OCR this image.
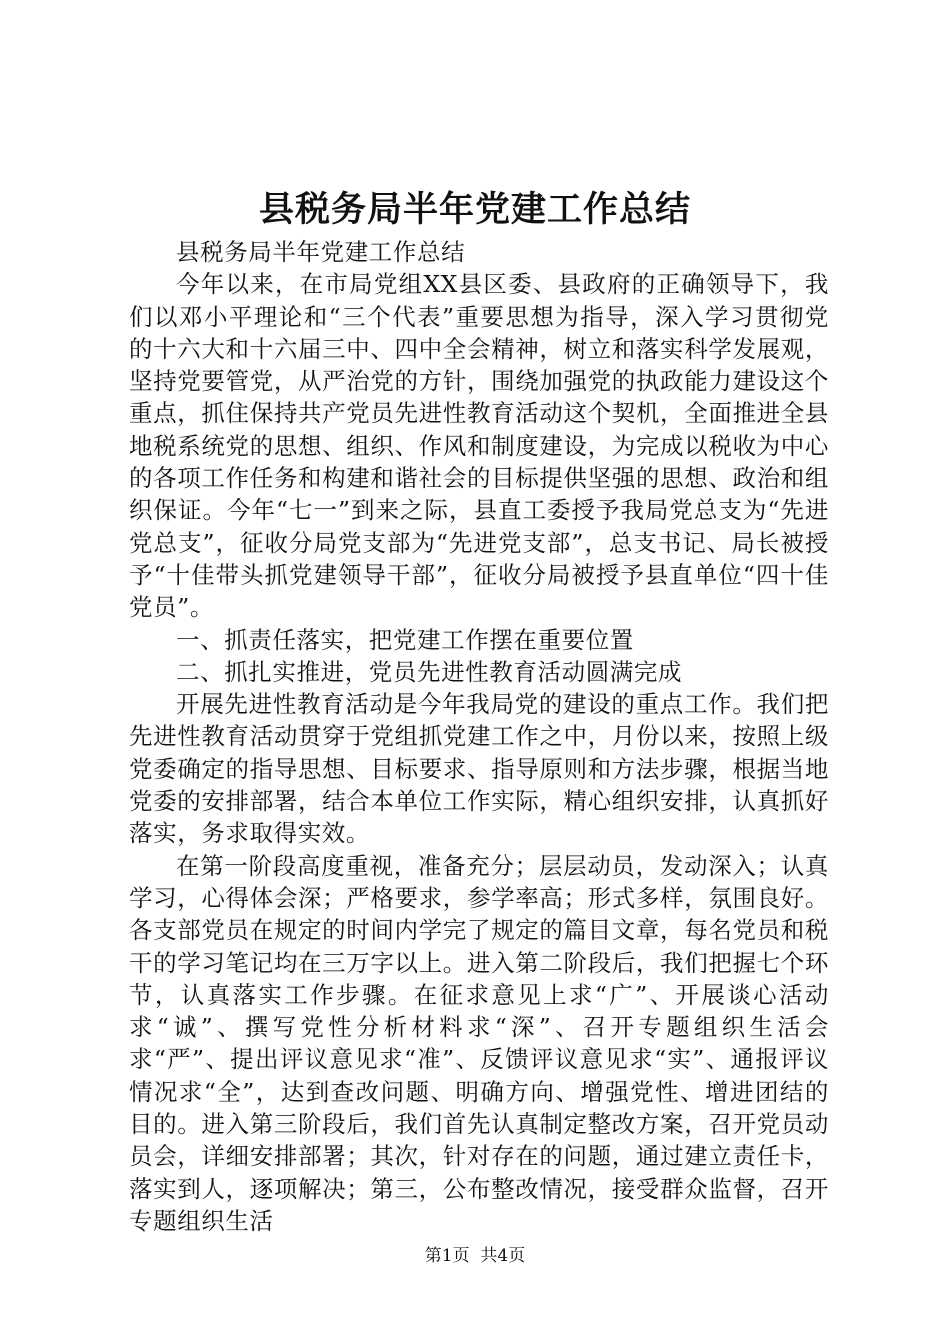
县税务局半年党建工作总结

县税务局半年党建工作总结

今年以来，在市局党组XX县区委、县政府的正确领导下，我们以邓小平理论和“三个代表”重要思想为指导，深入学习贯彻党的十六大和十六届三中、四中全会精神，树立和落实科学发展观，坚持党要管党，从严治党的方针，围绕加强党的执政能力建设这个重点，抓住保持共产党员先进性教育活动这个契机，全面推进全县地税系统党的思想、组织、作风和制度建设，为完成以税收为中心的各项工作任务和构建和谐社会的目标提供坚强的思想、政治和组织保证。今年“七一”到来之际，县直工委授予我局党总支为“先进党总支”，征收分局党支部为“先进党支部”，总支书记、局长被授予“十佳带头抓党建领导干部”，征收分局被授予县直单位“四十佳党员”。

一、抓责任落实，把党建工作摆在重要位置

二、抓扎实推进，党员先进性教育活动圆满完成

开展先进性教育活动是今年我局党的建设的重点工作。我们把先进性教育活动贯穿于党组抓党建工作之中，月份以来，按照上级党委确定的指导思想、目标要求、指导原则和方法步骤，根据当地党委的安排部署，结合本单位工作实际，精心组织安排，认真抓好落实，务求取得实效。

在第一阶段高度重视，准备充分；层层动员，发动深入；认真学习，心得体会深；严格要求，参学率高；形式多样，氛围良好。各支部党员在规定的时间内学完了规定的篇目文章，每名党员和税干的学习笔记均在三万字以上。进入第二阶段后，我们把握七个环节，认真落实工作步骤。在征求意见上求“广”、开展谈心活动求“诚”、撰写党性分析材料求“深”、召开专题组织生活会求“严”、提出评议意见求“准”、反馈评议意见求“实”、通报评议情况求“全”，达到查改问题、明确方向、增强党性、增进团结的目的。进入第三阶段后，我们首先认真制定整改方案，召开党员动员会，详细安排部署；其次，针对存在的问题，通过建立责任卡，落实到人，逐项解决；第三，公布整改情况，接受群众监督，召开专题组织生活

第1页 共4页
